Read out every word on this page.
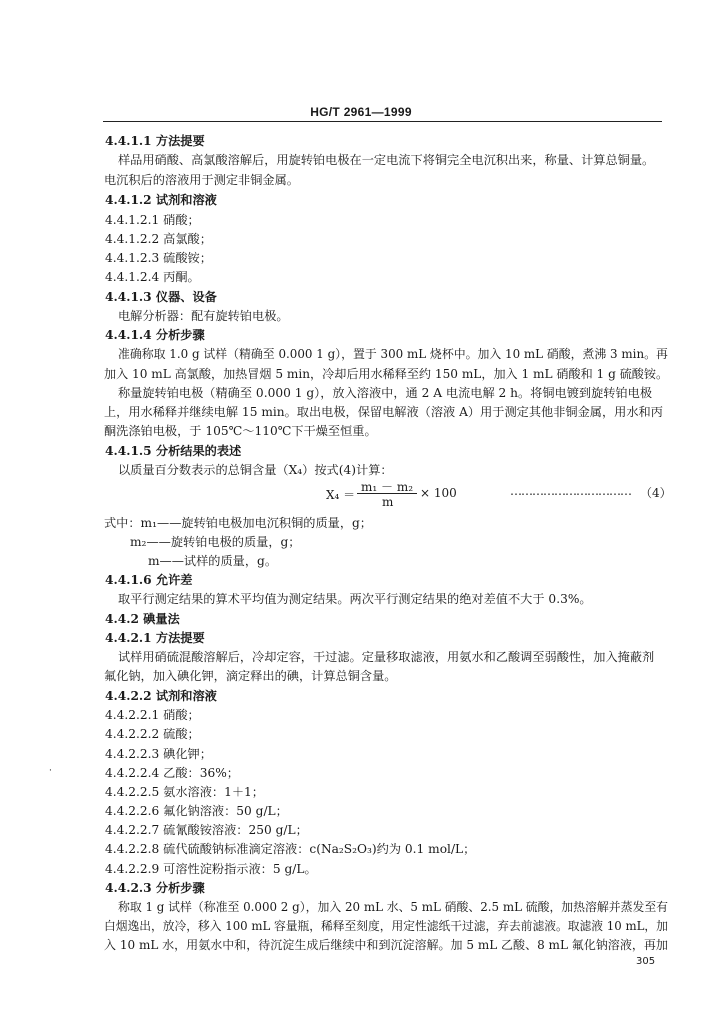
HG/T 2961—1999
4.4.1.1 方法提要
样品用硝酸、高氯酸溶解后，用旋转铂电极在一定电流下将铜完全电沉积出来，称量、计算总铜量。
电沉积后的溶液用于测定非铜金属。
4.4.1.2 试剂和溶液
4.4.1.2.1 硝酸；
4.4.1.2.2 高氯酸；
4.4.1.2.3 硫酸铵；
4.4.1.2.4 丙酮。
4.4.1.3 仪器、设备
电解分析器：配有旋转铂电极。
4.4.1.4 分析步骤
准确称取 1.0 g 试样（精确至 0.000 1 g），置于 300 mL 烧杯中。加入 10 mL 硝酸，煮沸 3 min。再
加入 10 mL 高氯酸，加热冒烟 5 min，冷却后用水稀释至约 150 mL，加入 1 mL 硝酸和 1 g 硫酸铵。
称量旋转铂电极（精确至 0.000 1 g），放入溶液中，通 2 A 电流电解 2 h。将铜电镀到旋转铂电极
上，用水稀释并继续电解 15 min。取出电极，保留电解液（溶液 A）用于测定其他非铜金属，用水和丙
酮洗涤铂电极，于 105℃～110℃下干燥至恒重。
4.4.1.5 分析结果的表述
以质量百分数表示的总铜含量（X₄）按式(4)计算：
X₄ ＝
m₁ － m₂
m
× 100	…………………………… （4）
式中：m₁——旋转铂电极加电沉积铜的质量，g；
m₂——旋转铂电极的质量，g；
m——试样的质量，g。
4.4.1.6 允许差
取平行测定结果的算术平均值为测定结果。两次平行测定结果的绝对差值不大于 0.3%。
4.4.2 碘量法
4.4.2.1 方法提要
试样用硝硫混酸溶解后，冷却定容，干过滤。定量移取滤液，用氨水和乙酸调至弱酸性，加入掩蔽剂
氟化钠，加入碘化钾，滴定释出的碘，计算总铜含量。
4.4.2.2 试剂和溶液
4.4.2.2.1 硝酸；
4.4.2.2.2 硫酸；
4.4.2.2.3 碘化钾；
4.4.2.2.4 乙酸：36%；
4.4.2.2.5 氨水溶液：1＋1；
4.4.2.2.6 氟化钠溶液：50 g/L；
4.4.2.2.7 硫氰酸铵溶液：250 g/L；
4.4.2.2.8 硫代硫酸钠标准滴定溶液：c(Na₂S₂O₃)约为 0.1 mol/L；
4.4.2.2.9 可溶性淀粉指示液：5 g/L。
4.4.2.3 分析步骤
称取 1 g 试样（称准至 0.000 2 g），加入 20 mL 水、5 mL 硝酸、2.5 mL 硫酸，加热溶解并蒸发至有
白烟逸出，放冷，移入 100 mL 容量瓶，稀释至刻度，用定性滤纸干过滤，弃去前滤液。取滤液 10 mL，加
入 10 mL 水，用氨水中和，待沉淀生成后继续中和到沉淀溶解。加 5 mL 乙酸、8 mL 氟化钠溶液，再加
·
305
